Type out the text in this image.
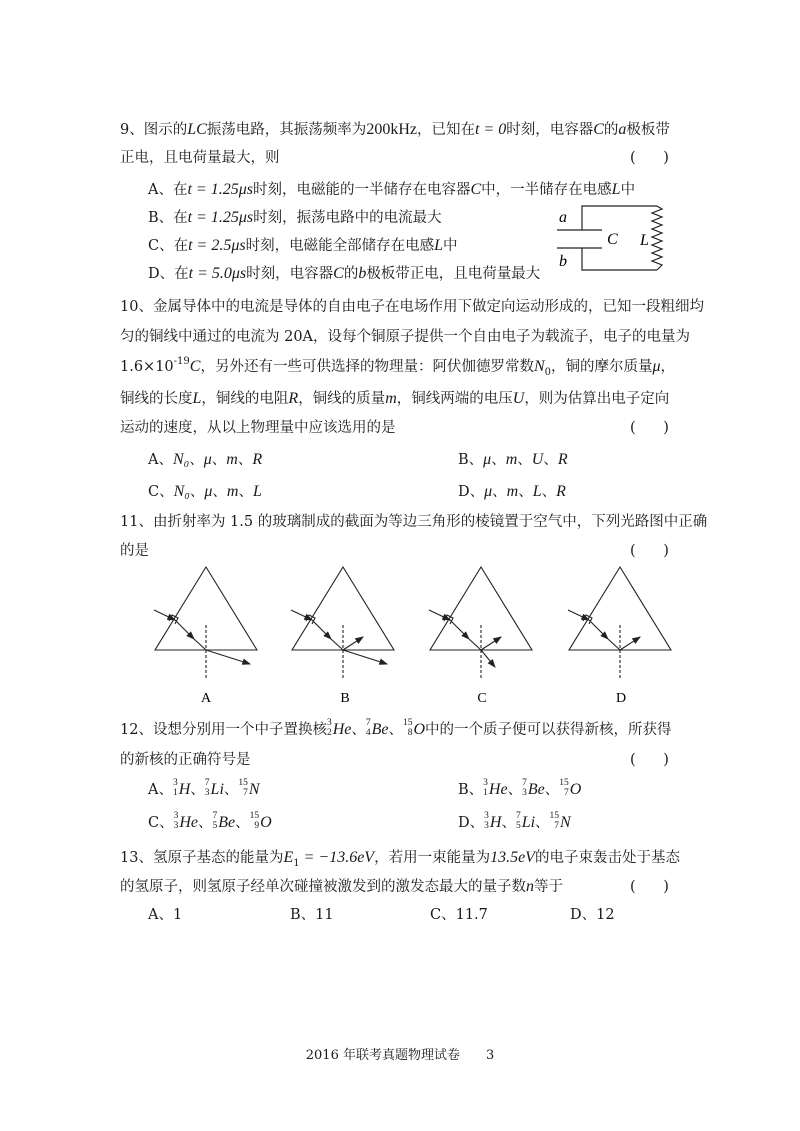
9、图示的LC振荡电路，其振荡频率为200kHz，已知在t = 0时刻，电容器C的a极板带
正电，且电荷量最大，则	(      )
A、在t = 1.25μs时刻，电磁能的一半储存在电容器C中，一半储存在电感L中
B、在t = 1.25μs时刻，振荡电路中的电流最大
C、在t = 2.5μs时刻，电磁能全部储存在电感L中
D、在t = 5.0μs时刻，电容器C的b极板带正电，且电荷量最大
a
b
C L
10、金属导体中的电流是导体的自由电子在电场作用下做定向运动形成的，已知一段粗细均
匀的铜线中通过的电流为 20A，设每个铜原子提供一个自由电子为载流子，电子的电量为
$1.6\times 10^{-19}C$，另外还有一些可供选择的物理量：阿伏伽德罗常数$N_0$，铜的摩尔质量μ，
铜线的长度L，铜线的电阻R，铜线的质量m，铜线两端的电压U，则为估算出电子定向
运动的速度，从以上物理量中应该选用的是	(      )
A、N₀、μ、m、R	B、μ、m、U、R
C、N₀、μ、m、L	D、μ、m、L、R
11、由折射率为 1.5 的玻璃制成的截面为等边三角形的棱镜置于空气中，下列光路图中正确
的是	(      )
A	B	C	D
12、设想分别用一个中子置换核 3
2 He、 7
4 Be、 15
8 O中的一个质子便可以获得新核，所获得
的新核的正确符号是	(      )
A、 3
1 H、 7
3 Li、 15
7 N	B、 3
1 He、 7
3 Be、 15
7 O
C、 3
3 He、 7
5 Be、 15
9 O	D、 3
3 H、 7
5 Li、 15
7 N
13、氢原子基态的能量为$E_1 = -13.6eV$，若用一束能量为13.5eV的电子束轰击处于基态
的氢原子，则氢原子经单次碰撞被激发到的激发态最大的量子数n等于	(      )
A、1	B、11	C、11.7	D、12
2016 年联考真题物理试卷 3
